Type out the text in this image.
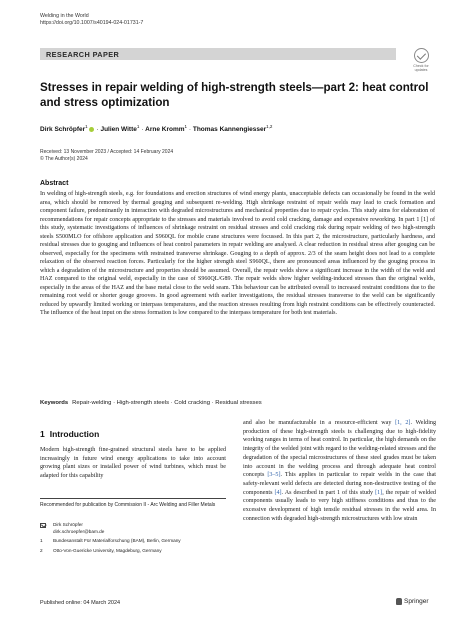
Welding in the World
https://doi.org/10.1007/s40194-024-01731-7
RESEARCH PAPER
Check for
updates
Stresses in repair welding of high-strength steels—part 2: heat control and stress optimization
Dirk Schröpfer$^1$ · Julien Witte$^1$ · Arne Kromm$^1$ · Thomas Kannengiesser$^{1,2}$
Received: 13 November 2023 / Accepted: 14 February 2024
© The Author(s) 2024
Abstract

In welding of high-strength steels, e.g. for foundations and erection structures of wind energy plants, unacceptable defects can occasionally be found in the weld area, which should be removed by thermal gouging and subsequent re-welding. High shrinkage restraint of repair welds may lead to crack formation and component failure, predominantly in interaction with degraded microstructures and mechanical properties due to repair cycles. This study aims for elaboration of recommendations for repair concepts appropriate to the stresses and materials involved to avoid cold cracking, damage and expensive reworking. In part 1 [1] of this study, systematic investigations of influences of shrinkage restraint on residual stresses and cold cracking risk during repair welding of two high-strength steels S500MLO for offshore application and S960QL for mobile crane structures were focussed. In this part 2, the microstructure, particularly hardness, and residual stresses due to gouging and influences of heat control parameters in repair welding are analysed. A clear reduction in residual stress after gouging can be observed, especially for the specimens with restrained transverse shrinkage. Gouging to a depth of approx. 2/3 of the seam height does not lead to a complete relaxation of the observed reaction forces. Particularly for the higher strength steel S960QL, there are pronounced areas influenced by the gouging process in which a degradation of the microstructure and properties should be assumed. Overall, the repair welds show a significant increase in the width of the weld and HAZ compared to the original weld, especially in the case of S960QL/G89. The repair welds show higher welding-induced stresses than the original welds, especially in the areas of the HAZ and the base metal close to the weld seam. This behaviour can be attributed overall to increased restraint conditions due to the remaining root weld or shorter gouge grooves. In good agreement with earlier investigations, the residual stresses transverse to the weld can be significantly reduced by upwardly limited working or interpass temperatures, and the reaction stresses resulting from high restraint conditions can be effectively counteracted. The influence of the heat input on the stress formation is low compared to the interpass temperature for both test materials.

Keywords Repair-welding · High-strength steels · Cold cracking · Residual stresses
1 Introduction

Modern high-strength fine-grained structural steels have to be applied increasingly in future wind energy applications to take into account growing plant sizes or installed power of wind turbines, which must be adapted for this capability

Recommended for publication by Commission II - Arc Welding and Filler Metals
Dirk Schröpfer
dirk.schroepfer@bam.de
1 Bundesanstalt Für Materialforschung (BAM), Berlin, Germany
2 Otto-Von-Guericke University, Magdeburg, Germany

and also be manufacturable in a resource-efficient way [1, 2]. Welding production of these high-strength steels is challenging due to high-fidelity working ranges in terms of heat control. In particular, the high demands on the integrity of the welded joint with regard to the welding-related stresses and the degradation of the special microstructures of these steel grades must be taken into account in the welding process and through adequate heat control concepts [3–5]. This applies in particular to repair welds in the case that safety-relevant weld defects are detected during non-destructive testing of the components [4]. As described in part 1 of this study [1], the repair of welded components usually leads to very high stiffness conditions and thus to the excessive development of high tensile residual stresses in the weld area. In connection with degraded high-strength microstructures with low strain

Published online: 04 March 2024	Springer
